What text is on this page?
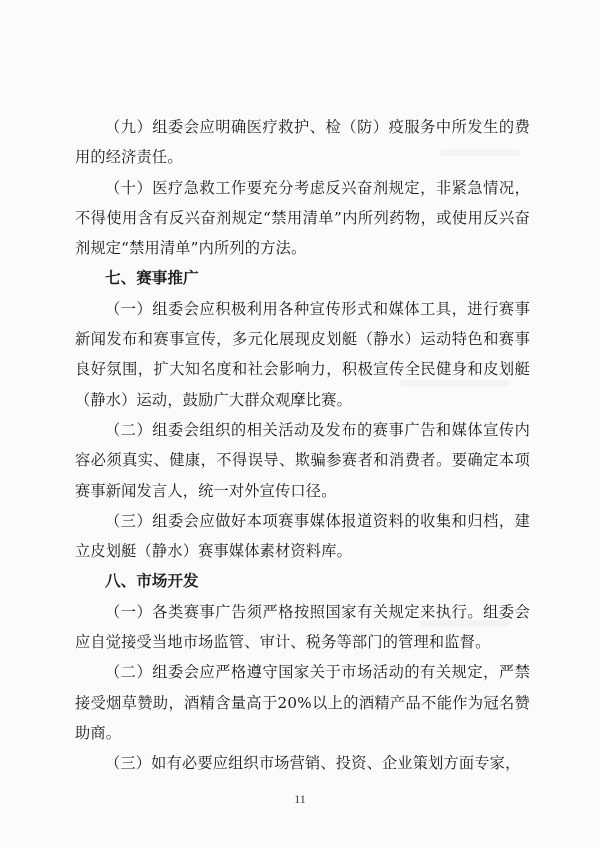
（九）组委会应明确医疗救护、检（防）疫服务中所发生的费用的经济责任。

（十）医疗急救工作要充分考虑反兴奋剂规定，非紧急情况，不得使用含有反兴奋剂规定“禁用清单”内所列药物，或使用反兴奋剂规定“禁用清单”内所列的方法。

七、赛事推广

（一）组委会应积极利用各种宣传形式和媒体工具，进行赛事新闻发布和赛事宣传，多元化展现皮划艇（静水）运动特色和赛事良好氛围，扩大知名度和社会影响力，积极宣传全民健身和皮划艇（静水）运动，鼓励广大群众观摩比赛。

（二）组委会组织的相关活动及发布的赛事广告和媒体宣传内容必须真实、健康，不得误导、欺骗参赛者和消费者。要确定本项赛事新闻发言人，统一对外宣传口径。

（三）组委会应做好本项赛事媒体报道资料的收集和归档，建立皮划艇（静水）赛事媒体素材资料库。

八、市场开发

（一）各类赛事广告须严格按照国家有关规定来执行。组委会应自觉接受当地市场监管、审计、税务等部门的管理和监督。

（二）组委会应严格遵守国家关于市场活动的有关规定，严禁接受烟草赞助，酒精含量高于20%以上的酒精产品不能作为冠名赞助商。

（三）如有必要应组织市场营销、投资、企业策划方面专家，

11
